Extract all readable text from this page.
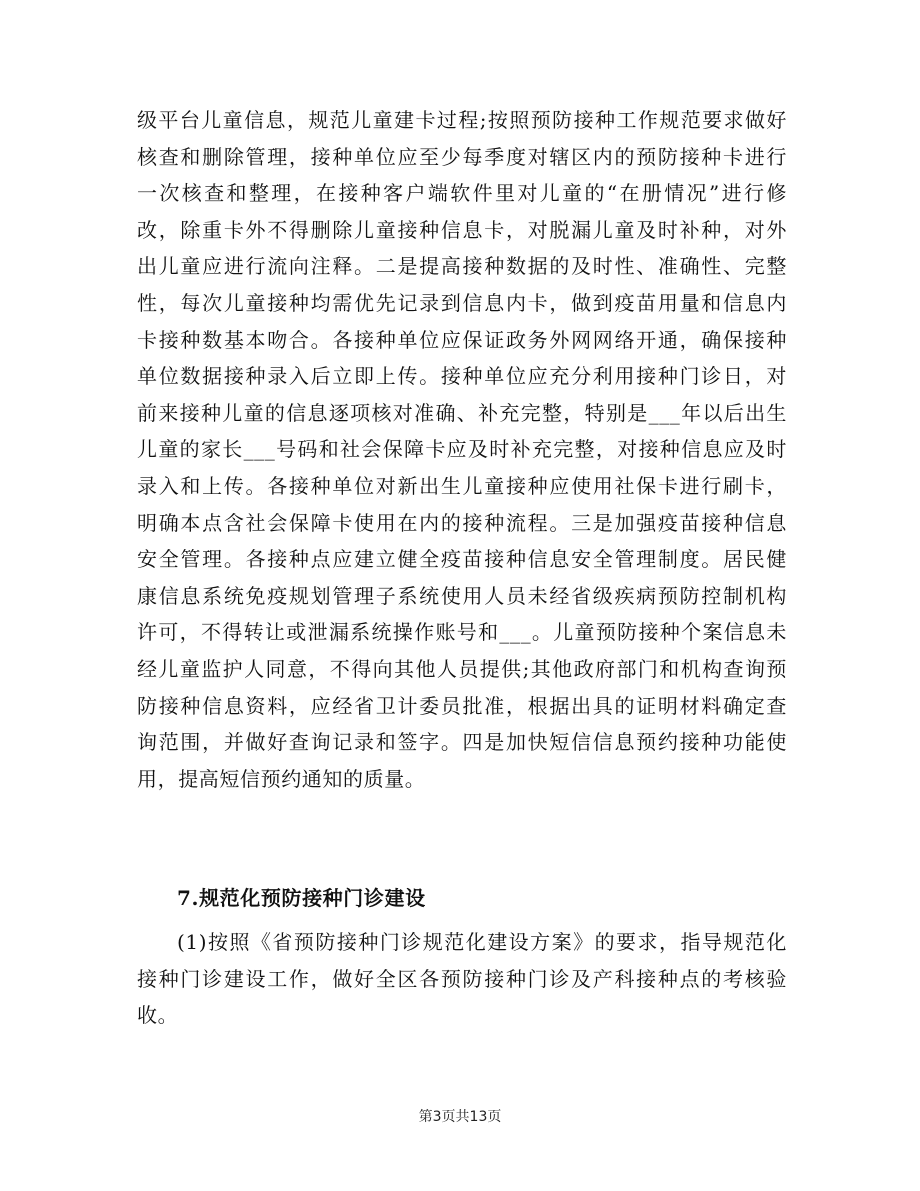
级平台儿童信息，规范儿童建卡过程;按照预防接种工作规范要求做好
核查和删除管理，接种单位应至少每季度对辖区内的预防接种卡进行
一次核查和整理，在接种客户端软件里对儿童的“在册情况”进行修
改，除重卡外不得删除儿童接种信息卡，对脱漏儿童及时补种，对外
出儿童应进行流向注释。二是提高接种数据的及时性、准确性、完整
性，每次儿童接种均需优先记录到信息内卡，做到疫苗用量和信息内
卡接种数基本吻合。各接种单位应保证政务外网网络开通，确保接种
单位数据接种录入后立即上传。接种单位应充分利用接种门诊日，对
前来接种儿童的信息逐项核对准确、补充完整，特别是___年以后出生
儿童的家长___号码和社会保障卡应及时补充完整，对接种信息应及时
录入和上传。各接种单位对新出生儿童接种应使用社保卡进行刷卡，
明确本点含社会保障卡使用在内的接种流程。三是加强疫苗接种信息
安全管理。各接种点应建立健全疫苗接种信息安全管理制度。居民健
康信息系统免疫规划管理子系统使用人员未经省级疾病预防控制机构
许可，不得转让或泄漏系统操作账号和___。儿童预防接种个案信息未
经儿童监护人同意，不得向其他人员提供;其他政府部门和机构查询预
防接种信息资料，应经省卫计委员批准，根据出具的证明材料确定查
询范围，并做好查询记录和签字。四是加快短信信息预约接种功能使
用，提高短信预约通知的质量。
7.规范化预防接种门诊建设
(1)按照《省预防接种门诊规范化建设方案》的要求，指导规范化
接种门诊建设工作，做好全区各预防接种门诊及产科接种点的考核验
收。
第3页共13页
